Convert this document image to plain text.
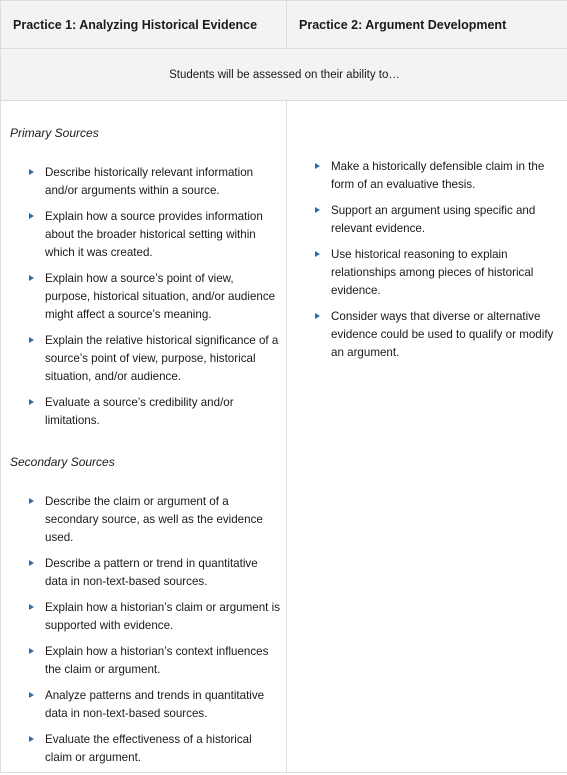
Practice 1: Analyzing Historical Evidence	Practice 2: Argument Development
Students will be assessed on their ability to…
Primary Sources
Describe historically relevant information and/or arguments within a source.
Explain how a source provides information about the broader historical setting within which it was created.
Explain how a source’s point of view, purpose, historical situation, and/or audience might affect a source’s meaning.
Explain the relative historical significance of a source’s point of view, purpose, historical situation, and/or audience.
Evaluate a source’s credibility and/or limitations.
Secondary Sources
Describe the claim or argument of a secondary source, as well as the evidence used.
Describe a pattern or trend in quantitative data in non-text-based sources.
Explain how a historian’s claim or argument is supported with evidence.
Explain how a historian’s context influences the claim or argument.
Analyze patterns and trends in quantitative data in non-text-based sources.
Evaluate the effectiveness of a historical claim or argument.
Make a historically defensible claim in the form of an evaluative thesis.
Support an argument using specific and relevant evidence.
Use historical reasoning to explain relationships among pieces of historical evidence.
Consider ways that diverse or alternative evidence could be used to qualify or modify an argument.
